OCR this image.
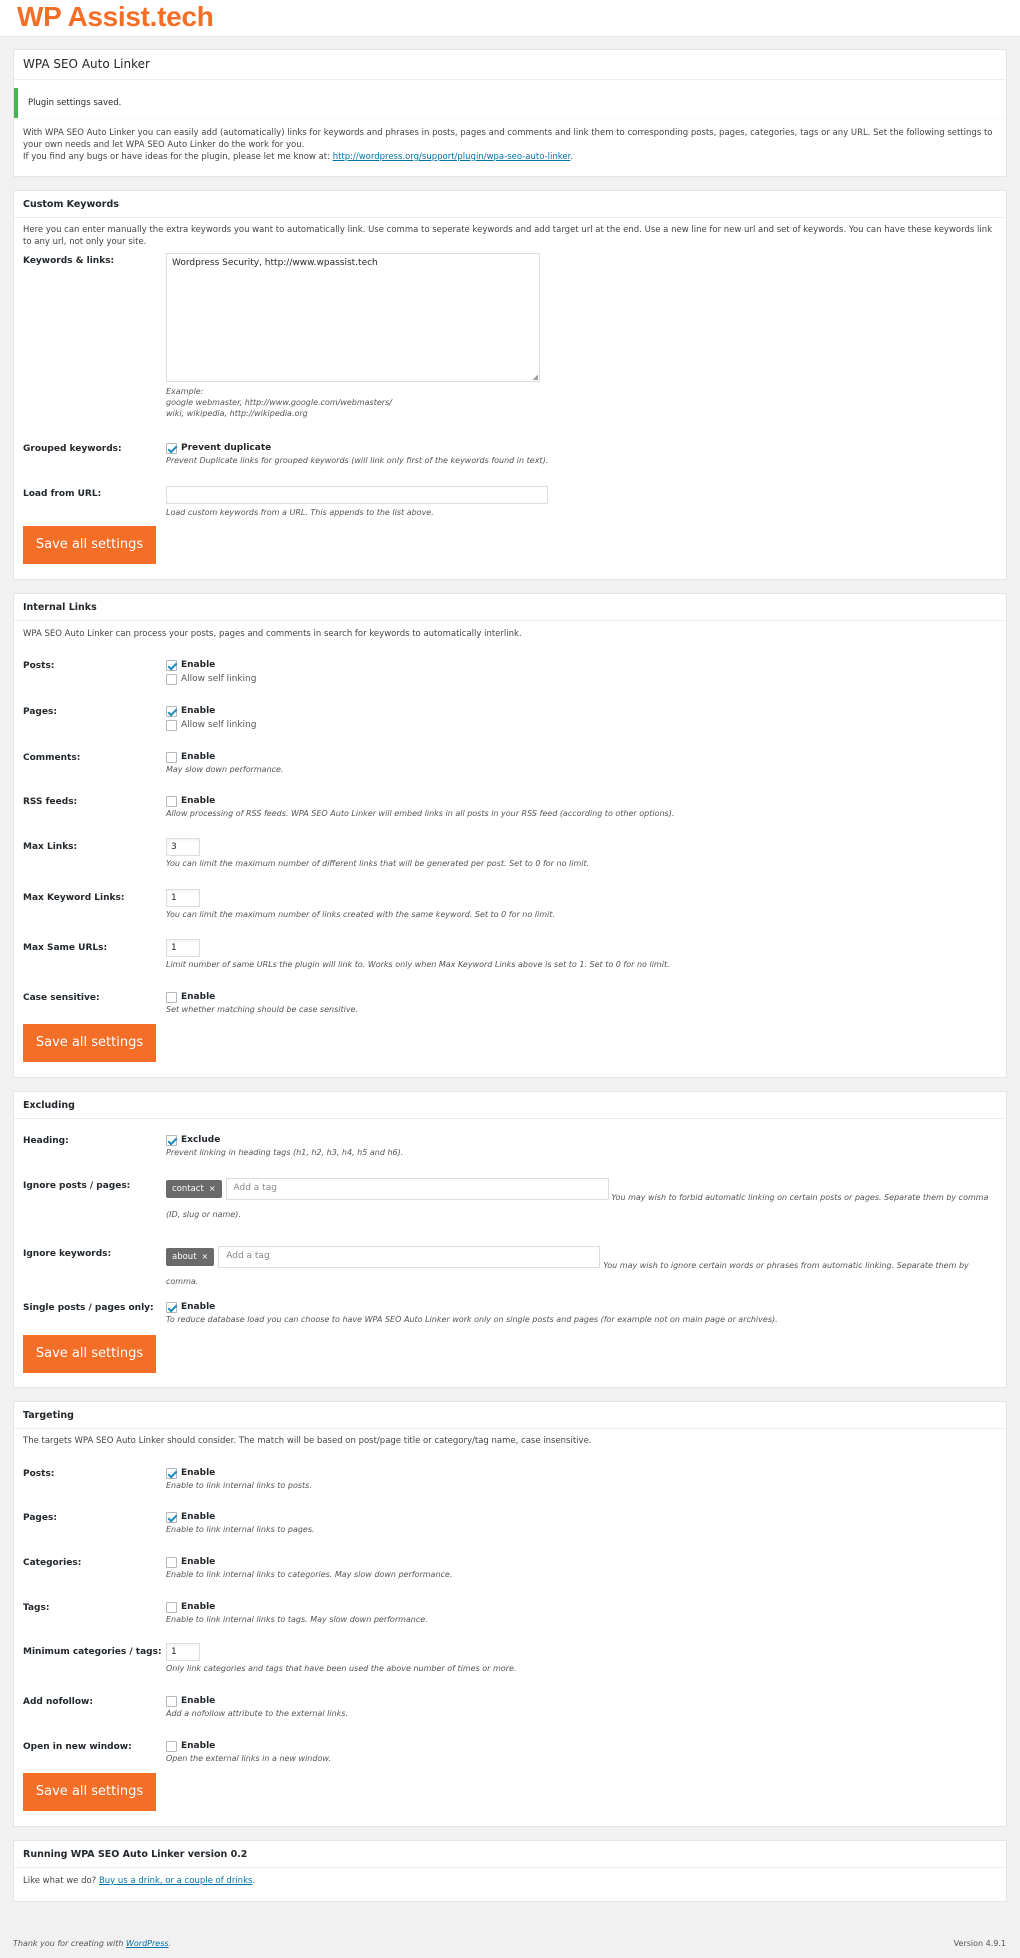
WP Assist.tech
WPA SEO Auto Linker
Plugin settings saved.
With WPA SEO Auto Linker you can easily add (automatically) links for keywords and phrases in posts, pages and comments and link them to corresponding posts, pages, categories, tags or any URL. Set the following settings to your own needs and let WPA SEO Auto Linker do the work for you.
If you find any bugs or have ideas for the plugin, please let me know at: http://wordpress.org/support/plugin/wpa-seo-auto-linker.
Custom Keywords
Here you can enter manually the extra keywords you want to automatically link. Use comma to seperate keywords and add target url at the end. Use a new line for new url and set of keywords. You can have these keywords link to any url, not only your site.
Keywords & links:	Wordpress Security, http://www.wpassist.tech
◢
Example:
google webmaster, http://www.google.com/webmasters/
wiki, wikipedia, http://wikipedia.org
Grouped keywords:	Prevent duplicate
Prevent Duplicate links for grouped keywords (will link only first of the keywords found in text).
Load from URL:
Load custom keywords from a URL. This appends to the list above.
Save all settings
Internal Links
WPA SEO Auto Linker can process your posts, pages and comments in search for keywords to automatically interlink.
Posts:	Enable
Allow self linking
Pages:	Enable
Allow self linking
Comments:	Enable
May slow down performance.
RSS feeds:	Enable
Allow processing of RSS feeds. WPA SEO Auto Linker will embed links in all posts in your RSS feed (according to other options).
Max Links:	3
You can limit the maximum number of different links that will be generated per post. Set to 0 for no limit.
Max Keyword Links:	1
You can limit the maximum number of links created with the same keyword. Set to 0 for no limit.
Max Same URLs:	1
Limit number of same URLs the plugin will link to. Works only when Max Keyword Links above is set to 1. Set to 0 for no limit.
Case sensitive:	Enable
Set whether matching should be case sensitive.
Save all settings
Excluding
Heading:	Exclude
Prevent linking in heading tags (h1, h2, h3, h4, h5 and h6).
Ignore posts / pages:	contact × Add a tag $_{You may wish to forbid automatic linking on certain posts or pages. Separate them by comma (ID, slug or name).}$
Ignore keywords:	about × Add a tag $_{You may wish to ignore certain words or phrases from automatic linking. Separate them by comma.}$
Single posts / pages only:	Enable
To reduce database load you can choose to have WPA SEO Auto Linker work only on single posts and pages (for example not on main page or archives).
Save all settings
Targeting
The targets WPA SEO Auto Linker should consider. The match will be based on post/page title or category/tag name, case insensitive.
Posts:	Enable
Enable to link internal links to posts.
Pages:	Enable
Enable to link internal links to pages.
Categories:	Enable
Enable to link internal links to categories. May slow down performance.
Tags:	Enable
Enable to link internal links to tags. May slow down performance.
Minimum categories / tags:	1
Only link categories and tags that have been used the above number of times or more.
Add nofollow:	Enable
Add a nofollow attribute to the external links.
Open in new window:	Enable
Open the external links in a new window.
Save all settings
Running WPA SEO Auto Linker version 0.2
Like what we do? Buy us a drink, or a couple of drinks.
Thank you for creating with WordPress.	Version 4.9.1
